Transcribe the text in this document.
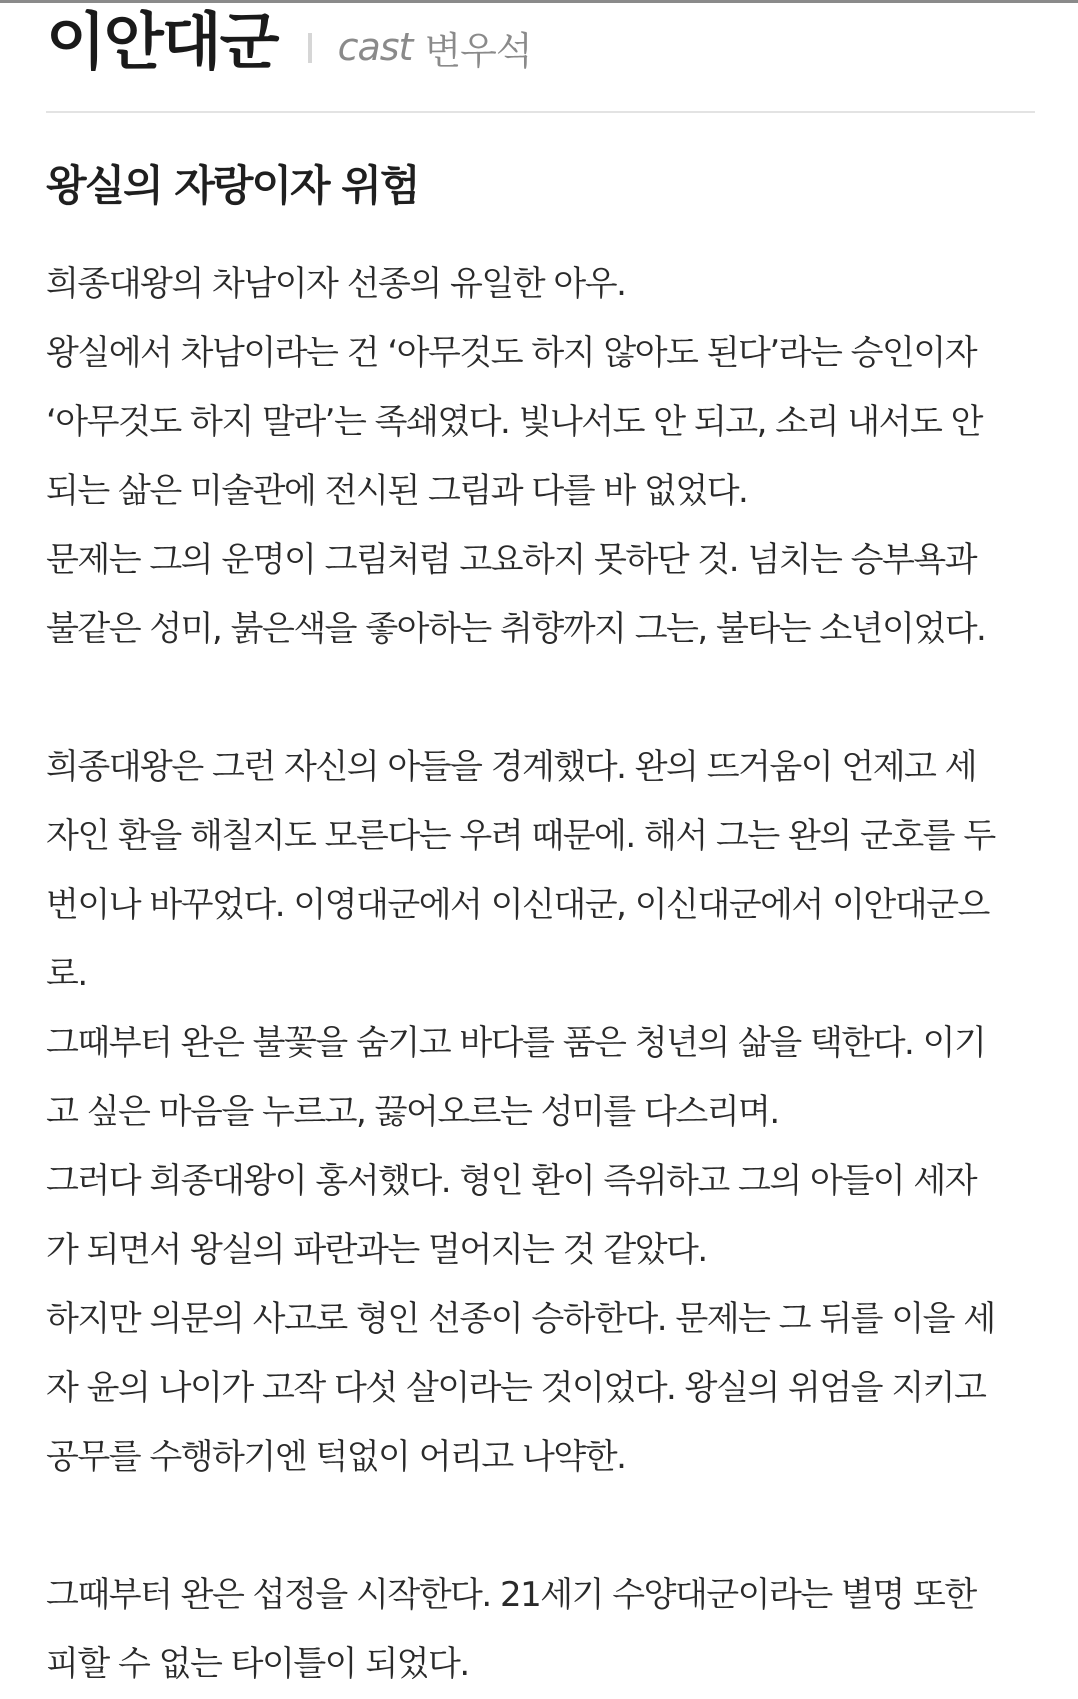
이안대군 cast 변우석
왕실의 자랑이자 위험
희종대왕의 차남이자 선종의 유일한 아우.
왕실에서 차남이라는 건 ‘아무것도 하지 않아도 된다’라는 승인이자
‘아무것도 하지 말라’는 족쇄였다. 빛나서도 안 되고, 소리 내서도 안
되는 삶은 미술관에 전시된 그림과 다를 바 없었다.
문제는 그의 운명이 그림처럼 고요하지 못하단 것. 넘치는 승부욕과
불같은 성미, 붉은색을 좋아하는 취향까지 그는, 불타는 소년이었다.
희종대왕은 그런 자신의 아들을 경계했다. 완의 뜨거움이 언제고 세
자인 환을 해칠지도 모른다는 우려 때문에. 해서 그는 완의 군호를 두
번이나 바꾸었다. 이영대군에서 이신대군, 이신대군에서 이안대군으
로.
그때부터 완은 불꽃을 숨기고 바다를 품은 청년의 삶을 택한다. 이기
고 싶은 마음을 누르고, 끓어오르는 성미를 다스리며.
그러다 희종대왕이 홍서했다. 형인 환이 즉위하고 그의 아들이 세자
가 되면서 왕실의 파란과는 멀어지는 것 같았다.
하지만 의문의 사고로 형인 선종이 승하한다. 문제는 그 뒤를 이을 세
자 윤의 나이가 고작 다섯 살이라는 것이었다. 왕실의 위엄을 지키고
공무를 수행하기엔 턱없이 어리고 나약한.
그때부터 완은 섭정을 시작한다. 21세기 수양대군이라는 별명 또한
피할 수 없는 타이틀이 되었다.
